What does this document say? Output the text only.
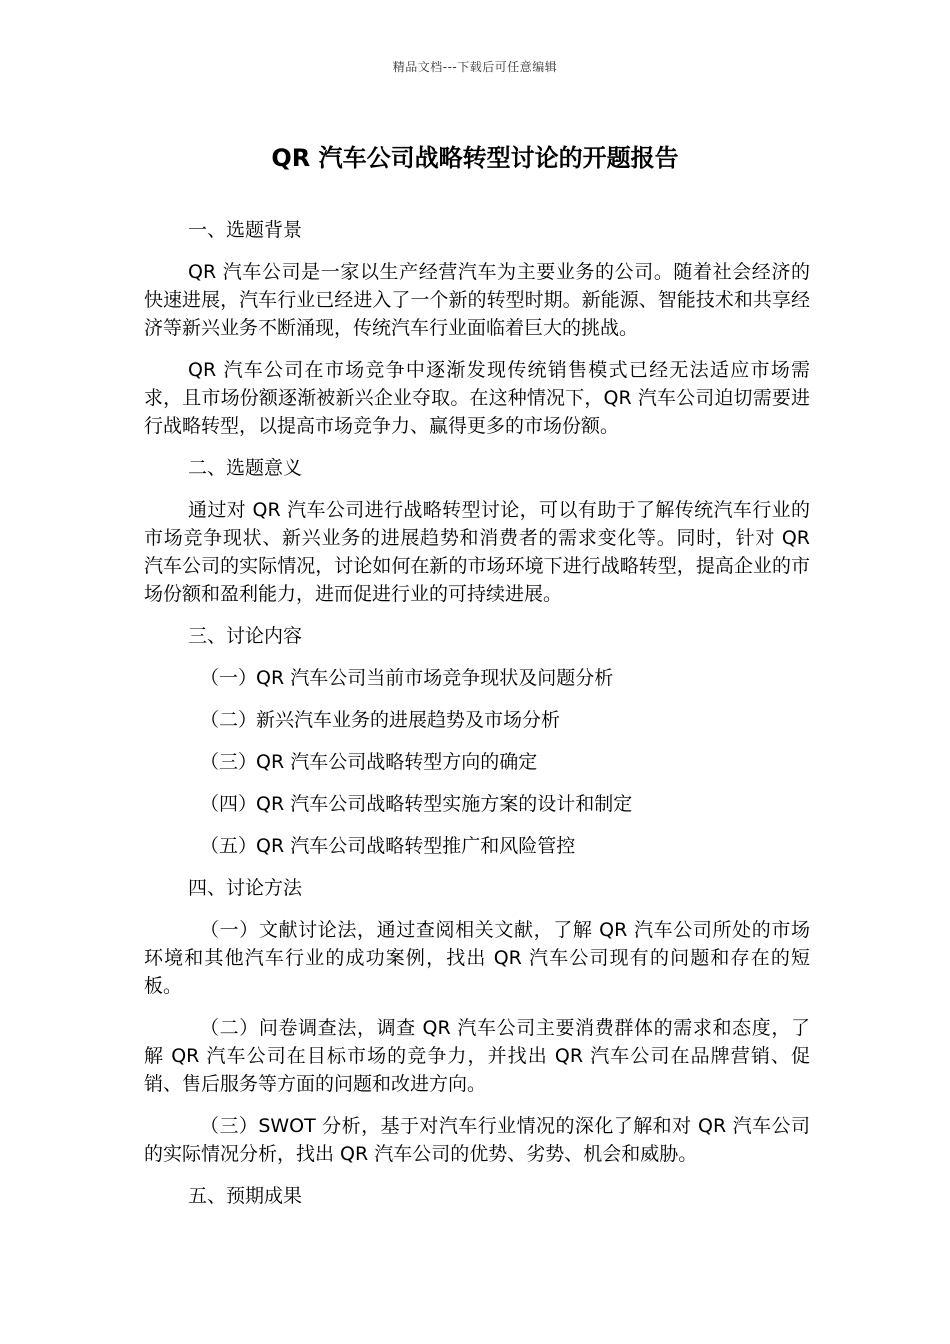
精品文档---下载后可任意编辑
QR 汽车公司战略转型讨论的开题报告

一、选题背景

QR 汽车公司是一家以生产经营汽车为主要业务的公司。随着社会经济的快速进展，汽车行业已经进入了一个新的转型时期。新能源、智能技术和共享经济等新兴业务不断涌现，传统汽车行业面临着巨大的挑战。

QR 汽车公司在市场竞争中逐渐发现传统销售模式已经无法适应市场需求，且市场份额逐渐被新兴企业夺取。在这种情况下，QR 汽车公司迫切需要进行战略转型，以提高市场竞争力、赢得更多的市场份额。

二、选题意义

通过对 QR 汽车公司进行战略转型讨论，可以有助于了解传统汽车行业的市场竞争现状、新兴业务的进展趋势和消费者的需求变化等。同时，针对 QR 汽车公司的实际情况，讨论如何在新的市场环境下进行战略转型，提高企业的市场份额和盈利能力，进而促进行业的可持续进展。

三、讨论内容

（一）QR 汽车公司当前市场竞争现状及问题分析

（二）新兴汽车业务的进展趋势及市场分析

（三）QR 汽车公司战略转型方向的确定

（四）QR 汽车公司战略转型实施方案的设计和制定

（五）QR 汽车公司战略转型推广和风险管控

四、讨论方法

（一）文献讨论法，通过查阅相关文献，了解 QR 汽车公司所处的市场环境和其他汽车行业的成功案例，找出 QR 汽车公司现有的问题和存在的短板。

（二）问卷调查法，调查 QR 汽车公司主要消费群体的需求和态度，了解 QR 汽车公司在目标市场的竞争力，并找出 QR 汽车公司在品牌营销、促销、售后服务等方面的问题和改进方向。

（三）SWOT 分析，基于对汽车行业情况的深化了解和对 QR 汽车公司的实际情况分析，找出 QR 汽车公司的优势、劣势、机会和威胁。

五、预期成果
